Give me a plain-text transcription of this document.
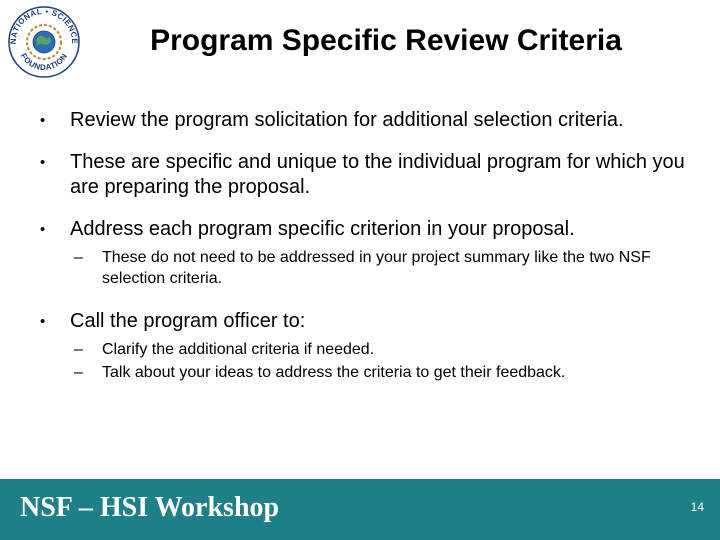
NATIONAL • SCIENCE
FOUNDATION	Program Specific Review Criteria
• Review the program solicitation for additional selection criteria.
• These are specific and unique to the individual program for which you are preparing the proposal.
• Address each program specific criterion in your proposal.
– These do not need to be addressed in your project summary like the two NSF selection criteria.
• Call the program officer to:
– Clarify the additional criteria if needed.
– Talk about your ideas to address the criteria to get their feedback.
NSF – HSI Workshop	14
